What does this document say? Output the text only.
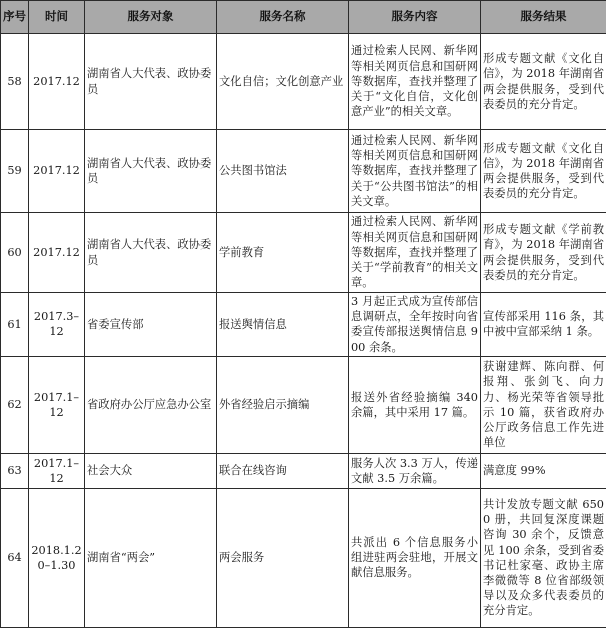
序号	时间	服务对象	服务名称	服务内容	服务结果
58	2017.12	湖南省人大代表、政协委员	文化自信；文化创意产业	通过检索人民网、新华网等相关网页信息和国研网等数据库，查找并整理了关于“文化自信，文化创意产业”的相关文章。	形成专题文献《文化自信》，为 2018 年湖南省两会提供服务，受到代表委员的充分肯定。
59	2017.12	湖南省人大代表、政协委员	公共图书馆法	通过检索人民网、新华网等相关网页信息和国研网等数据库，查找并整理了关于“公共图书馆法”的相关文章。	形成专题文献《文化自信》，为 2018 年湖南省两会提供服务，受到代表委员的充分肯定。
60	2017.12	湖南省人大代表、政协委员	学前教育	通过检索人民网、新华网等相关网页信息和国研网等数据库，查找并整理了关于“学前教育”的相关文章。	形成专题文献《学前教育》，为 2018 年湖南省两会提供服务，受到代表委员的充分肯定。
61	2017.3–12	省委宣传部	报送舆情信息	3 月起正式成为宣传部信息调研点，全年按时向省委宣传部报送舆情信息 900 余条。	宣传部采用 116 条，其中被中宣部采纳 1 条。
62	2017.1–12	省政府办公厅应急办公室	外省经验启示摘编	报送外省经验摘编 340 余篇，其中采用 17 篇。	获谢建辉、陈向群、何报翔、张剑飞、向力力、杨光荣等省领导批示 10 篇，获省政府办公厅政务信息工作先进单位
63	2017.1–12	社会大众	联合在线咨询	服务人次 3.3 万人，传递文献 3.5 万余篇。	满意度 99%
64	2018.1.20–1.30	湖南省“两会”	两会服务	共派出 6 个信息服务小组进驻两会驻地，开展文献信息服务。	共计发放专题文献 6500 册，共回复深度课题咨询 30 余个，反馈意见 100 余条，受到省委书记杜家毫、政协主席李微微等 8 位省部级领导以及众多代表委员的充分肯定。
